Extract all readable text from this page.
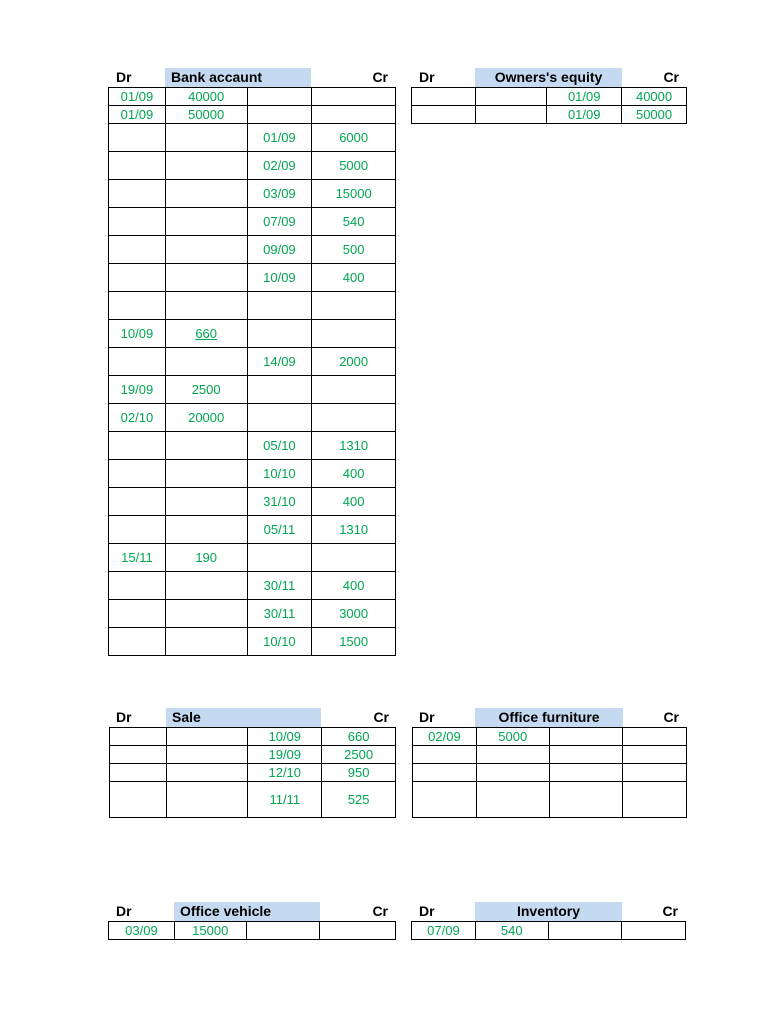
Dr	Bank accaunt	Cr
01/09	40000		
01/09	50000		
		01/09	6000
		02/09	5000
		03/09	15000
		07/09	540
		09/09	500
		10/09	400

10/09	660		
		14/09	2000
19/09	2500		
02/10	20000		
		05/10	1310
		10/10	400
		31/10	400
		05/11	1310
15/11	190		
		30/11	400
		30/11	3000
		10/10	1500
Dr	Owners's equity	Cr
		01/09	40000
		01/09	50000
Dr	Sale	Cr
		10/09	660
		19/09	2500
		12/10	950
		11/11	525
Dr	Office furniture	Cr
02/09	5000		

Dr	Office vehicle	Cr
03/09	15000		
Dr	Inventory	Cr
07/09	540		
